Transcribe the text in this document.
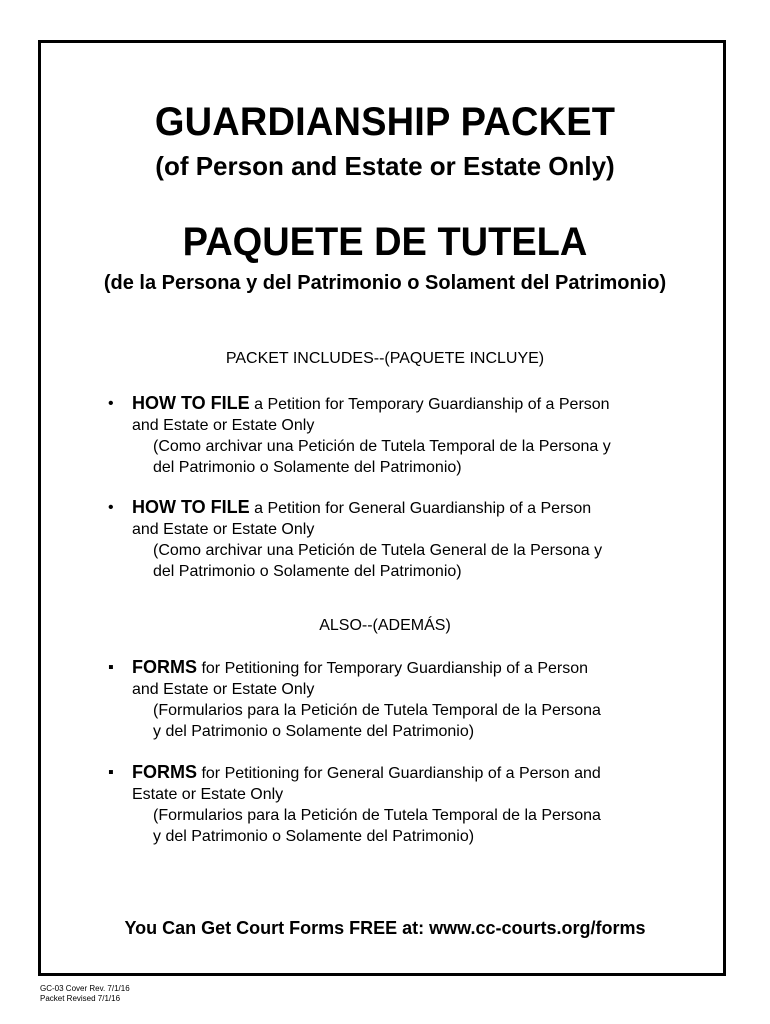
GUARDIANSHIP PACKET
(of Person and Estate or Estate Only)
PAQUETE DE TUTELA
(de la Persona y del Patrimonio o Solament del Patrimonio)
PACKET INCLUDES--(PAQUETE INCLUYE)
• HOW TO FILE a Petition for Temporary Guardianship of a Person
and Estate or Estate Only
(Como archivar una Petición de Tutela Temporal de la Persona y
del Patrimonio o Solamente del Patrimonio)
• HOW TO FILE a Petition for General Guardianship of a Person
and Estate or Estate Only
(Como archivar una Petición de Tutela General de la Persona y
del Patrimonio o Solamente del Patrimonio)
ALSO--(ADEMÁS)
▪ FORMS for Petitioning for Temporary Guardianship of a Person
and Estate or Estate Only
(Formularios para la Petición de Tutela Temporal de la Persona
y del Patrimonio o Solamente del Patrimonio)
▪ FORMS for Petitioning for General Guardianship of a Person and
Estate or Estate Only
(Formularios para la Petición de Tutela Temporal de la Persona
y del Patrimonio o Solamente del Patrimonio)
You Can Get Court Forms FREE at: www.cc-courts.org/forms
GC-03 Cover Rev. 7/1/16
Packet Revised 7/1/16
